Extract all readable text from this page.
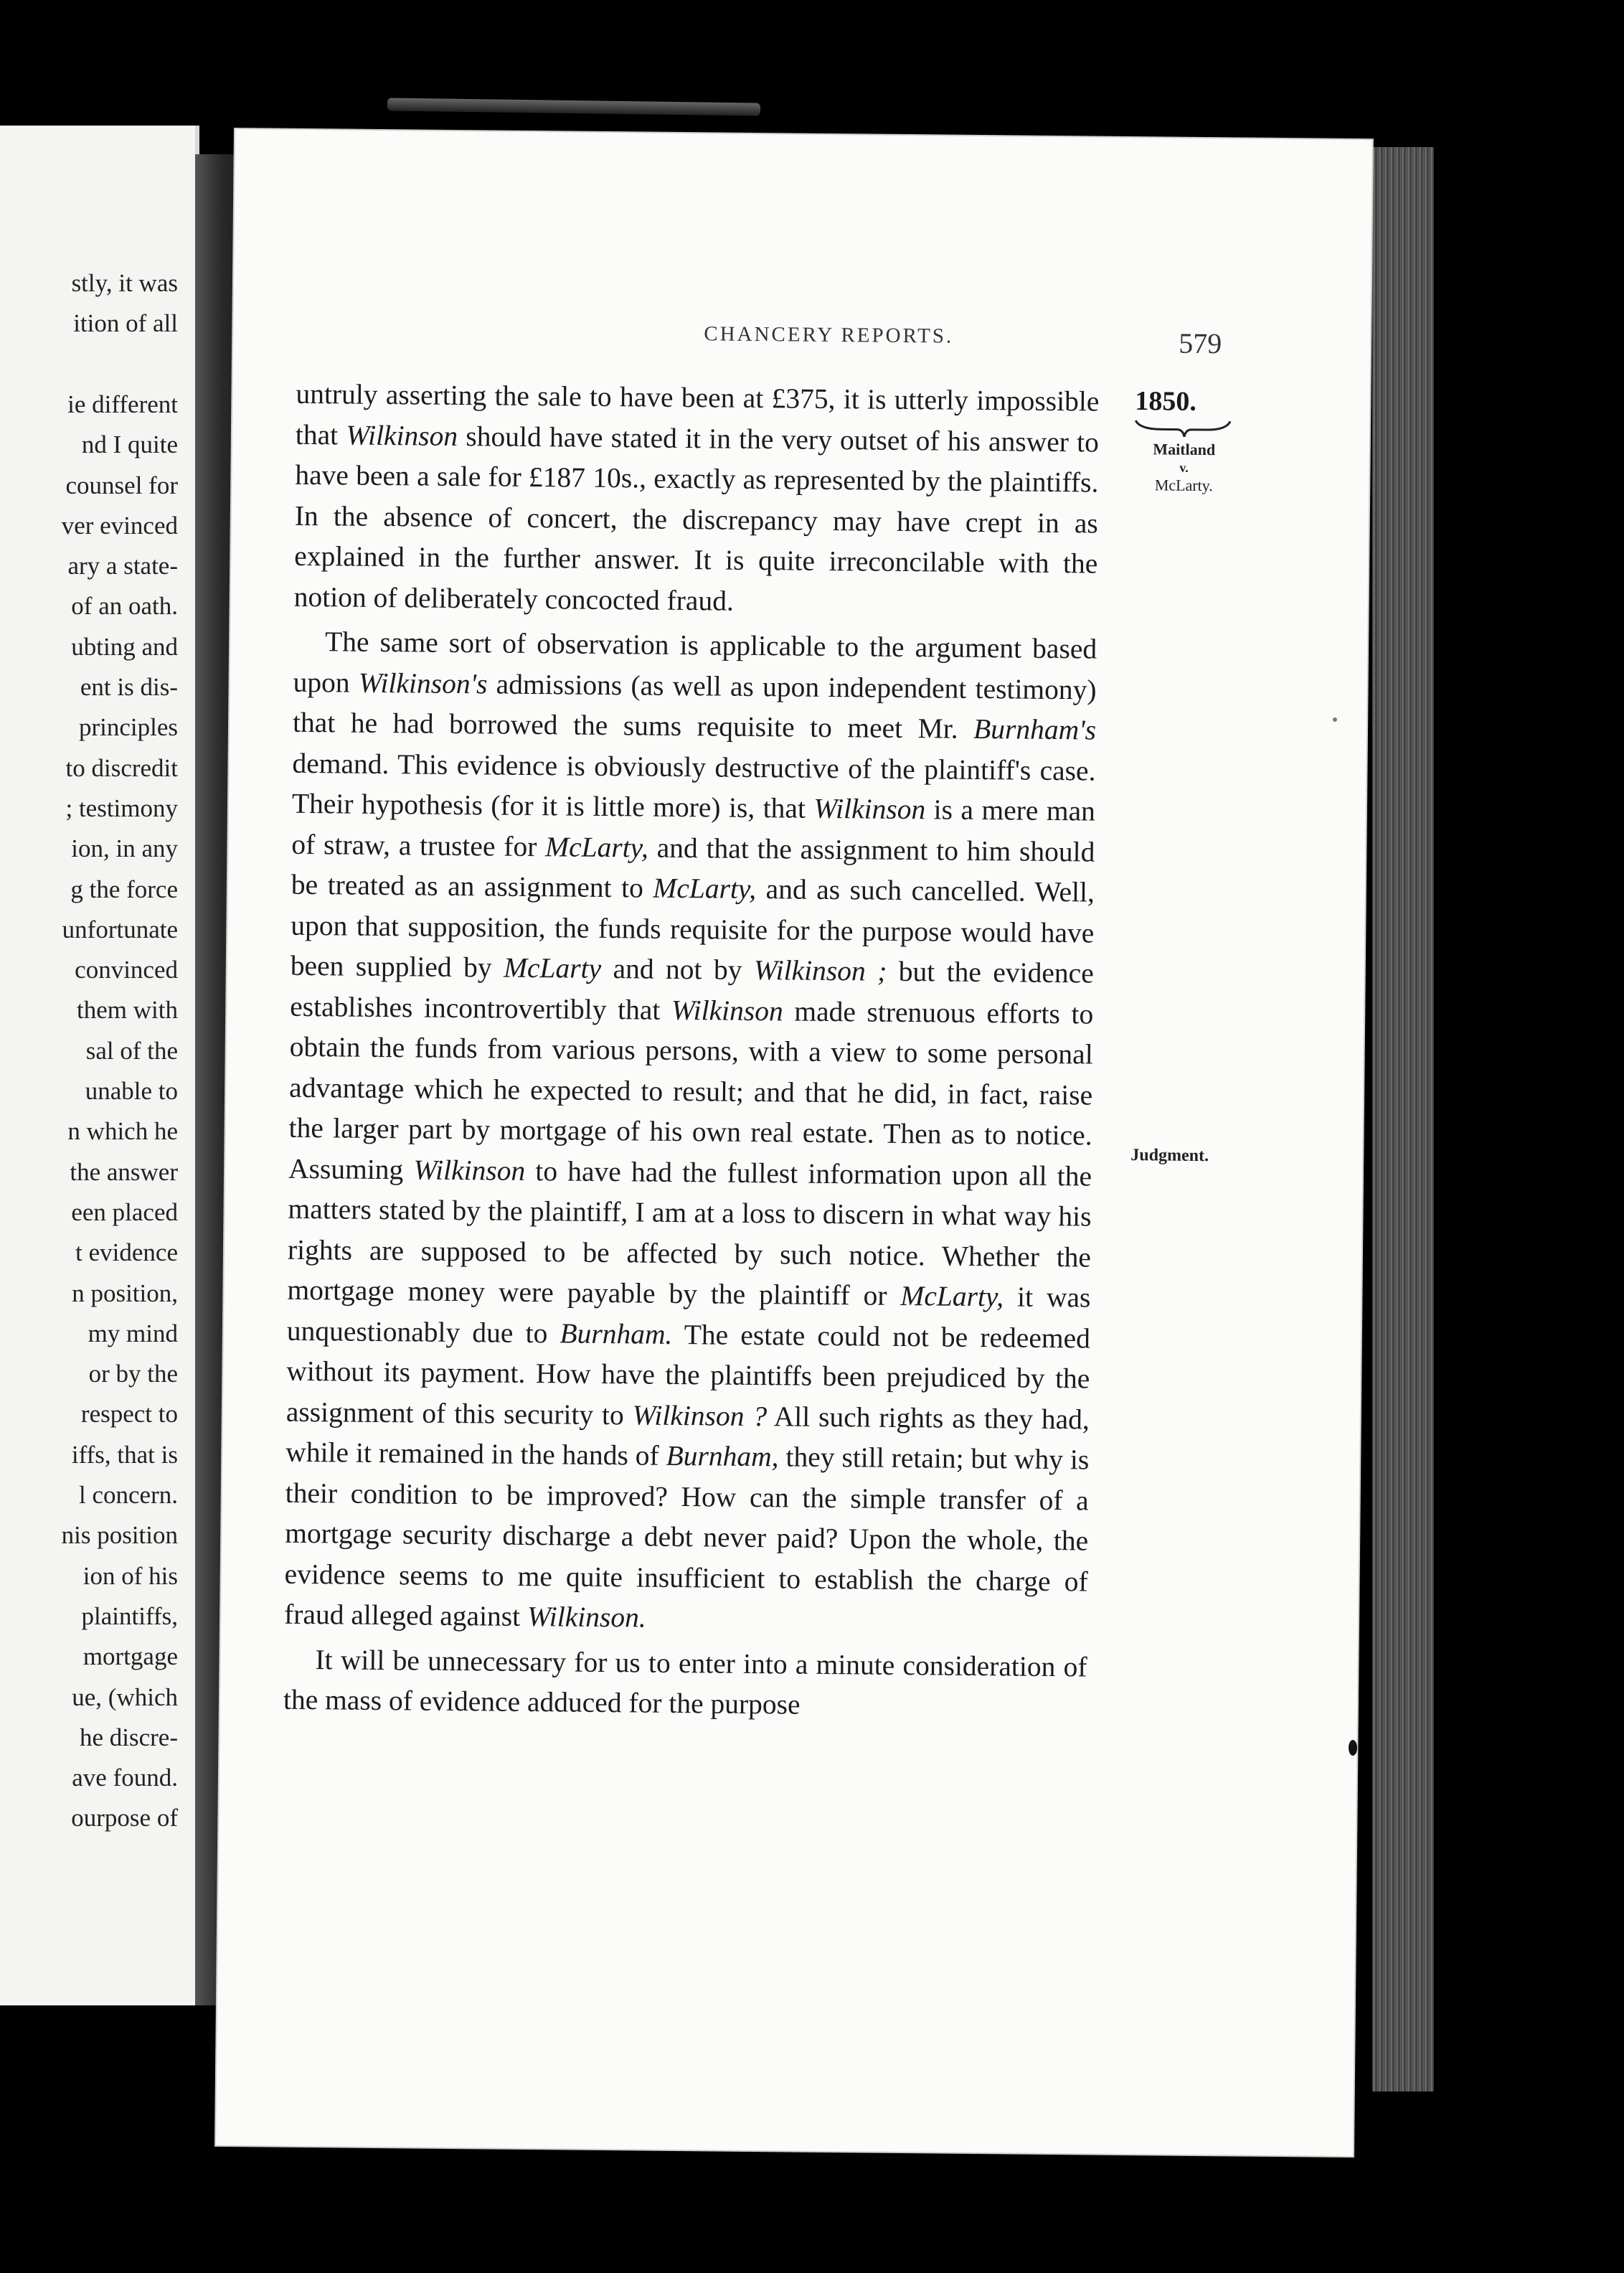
stly, it was
ition of all
ie different
nd I quite
counsel for
ver evinced
ary a state-
of an oath.
ubting and
ent is dis-
principles
to discredit
; testimony
ion, in any
g the force
unfortunate
convinced
them with
sal of the
unable to
n which he
the answer
een placed
t evidence
n position,
my mind
or by the
respect to
iffs, that is
l concern.
nis position
ion of his
plaintiffs,
mortgage
ue, (which
he discre-
ave found.
ourpose of
CHANCERY REPORTS.	579

untruly asserting the sale to have been at £375, it is utterly impossible that Wilkinson should have stated it in the very outset of his answer to have been a sale for £187 10s., exactly as represented by the plaintiffs. In the absence of concert, the discrepancy may have crept in as explained in the further answer. It is quite irreconcilable with the notion of deliberately concocted fraud.

The same sort of observation is applicable to the argument based upon Wilkinson's admissions (as well as upon independent testimony) that he had borrowed the sums requisite to meet Mr. Burnham's demand. This evidence is obviously destructive of the plaintiff's case. Their hypothesis (for it is little more) is, that Wilkinson is a mere man of straw, a trustee for McLarty, and that the assignment to him should be treated as an assignment to McLarty, and as such cancelled. Well, upon that supposition, the funds requisite for the purpose would have been supplied by McLarty and not by Wilkinson ; but the evidence establishes incontrovertibly that Wilkinson made strenuous efforts to obtain the funds from various persons, with a view to some personal advantage which he expected to result; and that he did, in fact, raise the larger part by mortgage of his own real estate. Then as to notice. Assuming Wilkinson to have had the fullest information upon all the matters stated by the plaintiff, I am at a loss to discern in what way his rights are supposed to be affected by such notice. Whether the mortgage money were payable by the plaintiff or McLarty, it was unquestionably due to Burnham. The estate could not be redeemed without its payment. How have the plaintiffs been prejudiced by the assignment of this security to Wilkinson ? All such rights as they had, while it remained in the hands of Burnham, they still retain; but why is their condition to be improved? How can the simple transfer of a mortgage security discharge a debt never paid? Upon the whole, the evidence seems to me quite insufficient to establish the charge of fraud alleged against Wilkinson.

It will be unnecessary for us to enter into a minute consideration of the mass of evidence adduced for the purpose

1850.
Maitland
v.
McLarty.
Judgment.
